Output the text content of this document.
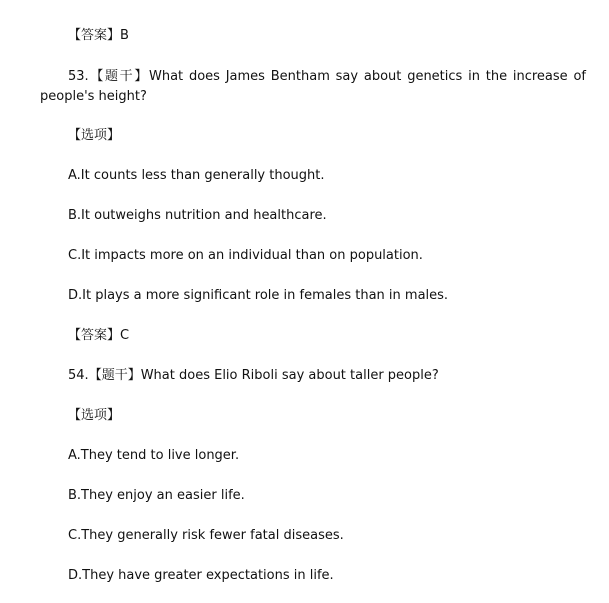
【答案】B
53.【题干】What does James Bentham say about genetics in the increase of people's height?
【选项】
A.It counts less than generally thought.
B.It outweighs nutrition and healthcare.
C.It impacts more on an individual than on population.
D.It plays a more significant role in females than in males.
【答案】C
54.【题干】What does Elio Riboli say about taller people?
【选项】
A.They tend to live longer.
B.They enjoy an easier life.
C.They generally risk fewer fatal diseases.
D.They have greater expectations in life.
